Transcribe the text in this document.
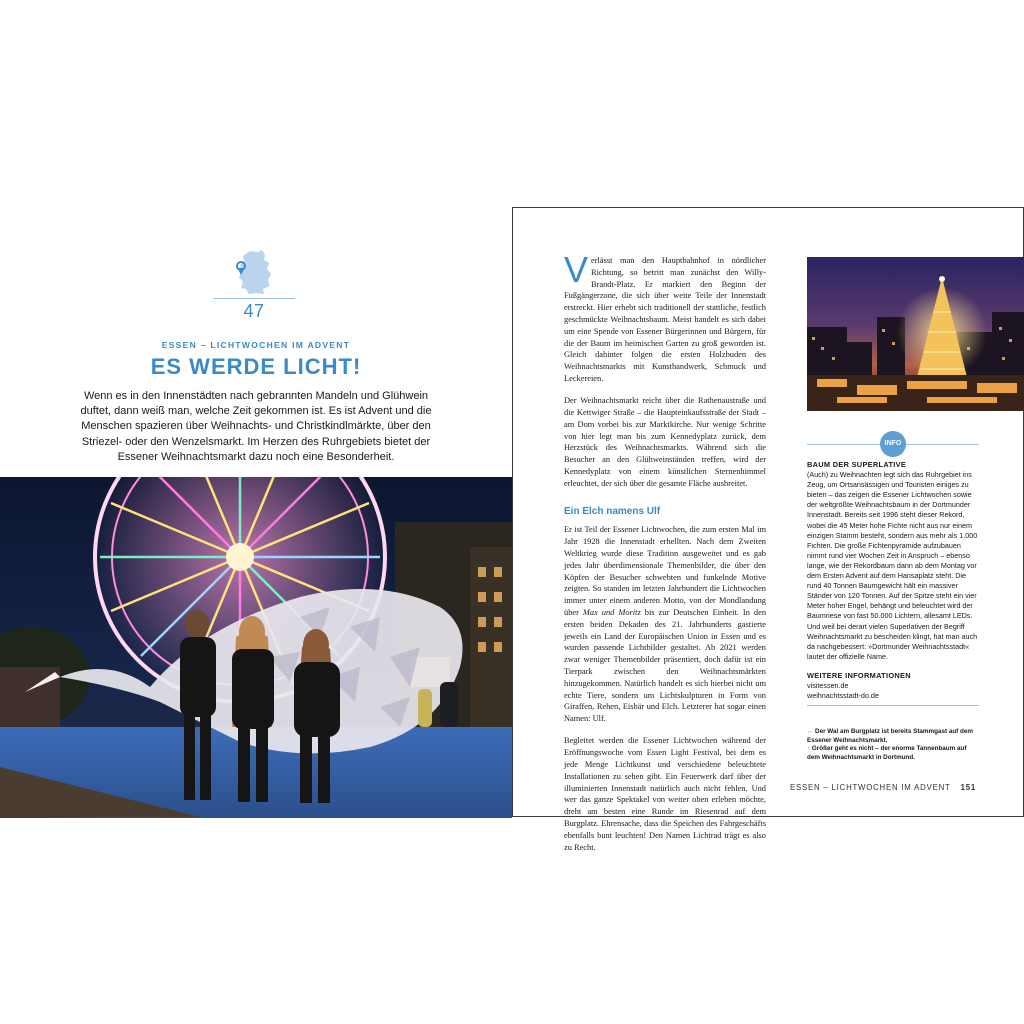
47
ESSEN – LICHTWOCHEN IM ADVENT
ES WERDE LICHT!
Wenn es in den Innenstädten nach gebrannten Mandeln und Glühwein duftet, dann weiß man, welche Zeit gekommen ist. Es ist Advent und die Menschen spazieren über Weihnachts- und Christkindlmärkte, über den Striezel- oder den Wenzelsmarkt. Im Herzen des Ruhrgebiets bietet der Essener Weihnachtsmarkt dazu noch eine Besonderheit.

Verlässt man den Hauptbahnhof in nördlicher Richtung, so betritt man zunächst den Willy-Brandt-Platz. Er markiert den Beginn der Fußgängerzone, die sich über weite Teile der Innenstadt erstreckt. Hier erhebt sich traditionell der stattliche, festlich geschmückte Weihnachtsbaum. Meist handelt es sich dabei um eine Spende von Essener Bürgerinnen und Bürgern, für die der Baum im heimischen Garten zu groß geworden ist. Gleich dahinter folgen die ersten Holzbuden des Weihnachtsmarkts mit Kunsthandwerk, Schmuck und Leckereien.

Der Weihnachtsmarkt reicht über die Rathenaustraße und die Kettwiger Straße – die Haupteinkaufsstraße der Stadt – am Dom vorbei bis zur Marktkirche. Nur wenige Schritte von hier legt man bis zum Kennedyplatz zurück, dem Herzstück des Weihnachtsmarkts. Während sich die Besucher an den Glühweinständen treffen, wird der Kennedyplatz von einem künstlichen Sternenhimmel erleuchtet, der sich über die gesamte Fläche ausbreitet.

Ein Elch namens Ulf

Er ist Teil der Essener Lichtwochen, die zum ersten Mal im Jahr 1928 die Innenstadt erhellten. Nach dem Zweiten Weltkrieg wurde diese Tradition ausgeweitet und es gab jedes Jahr überdimensionale Themenbilder, die über den Köpfen der Besucher schwebten und funkelnde Motive zeigten. So standen im letzten Jahrhundert die Lichtwochen immer unter einem anderen Motto, von der Mondlandung über Max und Moritz bis zur Deutschen Einheit. In den ersten beiden Dekaden des 21. Jahrhunderts gastierte jeweils ein Land der Europäischen Union in Essen und es wurden passende Lichtbilder gestaltet. Ab 2021 werden zwar weniger Themenbilder präsentiert, doch dafür ist ein Tierpark zwischen den Weihnachtsmärkten hinzugekommen. Natürlich handelt es sich hierbei nicht um echte Tiere, sondern um Lichtskulpturen in Form von Giraffen, Rehen, Eisbär und Elch. Letzterer hat sogar einen Namen: Ulf.

Begleitet werden die Essener Lichtwochen während der Eröffnungswoche vom Essen Light Festival, bei dem es jede Menge Lichtkunst und verschiedene beleuchtete Installationen zu sehen gibt. Ein Feuerwerk darf über der illuminierten Innenstadt natürlich auch nicht fehlen. Und wer das ganze Spektakel von weiter oben erleben möchte, dreht am besten eine Runde im Riesenrad auf dem Burgplatz. Ehrensache, dass die Speichen des Fahrgeschäfts ebenfalls bunt leuchten! Den Namen Lichtrad trägt es also zu Recht.

INFO
BAUM DER SUPERLATIVE
(Auch) zu Weihnachten legt sich das Ruhrgebiet ins Zeug, um Ortsansässigen und Touristen einiges zu bieten – das zeigen die Essener Lichtwochen sowie der weltgrößte Weihnachtsbaum in der Dortmunder Innenstadt. Bereits seit 1996 steht dieser Rekord, wobei die 45 Meter hohe Fichte nicht aus nur einem einzigen Stamm besteht, sondern aus mehr als 1.000 Fichten. Die große Fichtenpyramide aufzubauen nimmt rund vier Wochen Zeit in Anspruch – ebenso lange, wie der Rekordbaum dann ab dem Montag vor dem Ersten Advent auf dem Hansaplatz steht. Die rund 40 Tonnen Baumgewicht hält ein massiver Ständer von 120 Tonnen. Auf der Spitze steht ein vier Meter hoher Engel, behängt und beleuchtet wird der Baumriese von fast 50.000 Lichtern, allesamt LEDs. Und weil bei derart vielen Superlativen der Begriff Weihnachtsmarkt zu bescheiden klingt, hat man auch da nachgebessert: »Dortmunder Weihnachtsstadt« lautet der offizielle Name.
WEITERE INFORMATIONEN
visitessen.de
weihnachtsstadt-do.de
← Der Wal am Burgplatz ist bereits Stammgast auf dem Essener Weihnachtsmarkt.
↑ Größer geht es nicht – der enorme Tannenbaum auf dem Weihnachtsmarkt in Dortmund.
ESSEN – LICHTWOCHEN IM ADVENT 151
